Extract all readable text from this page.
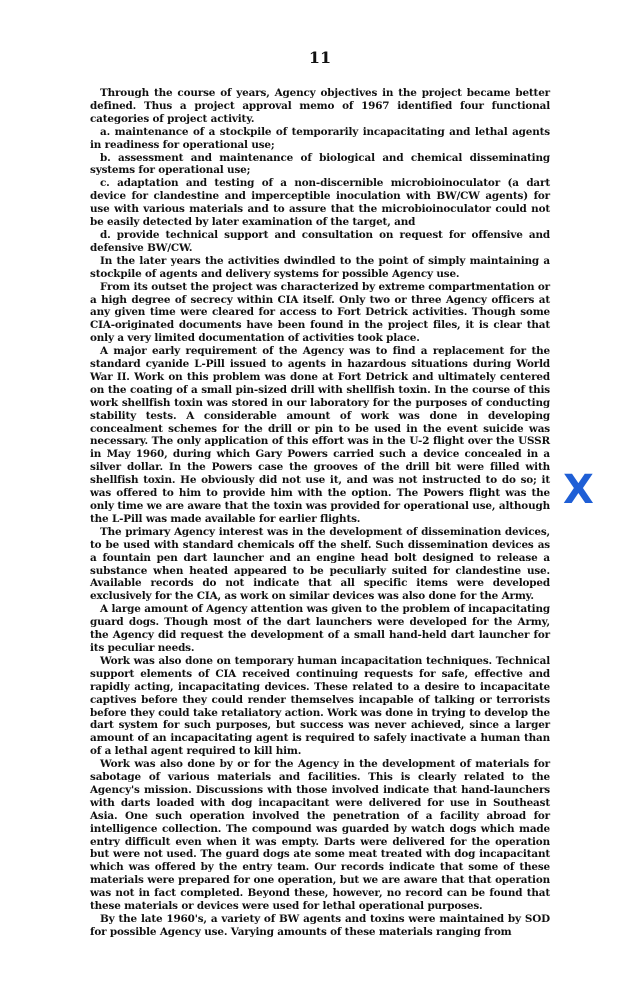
11

Through the course of years, Agency objectives in the project became better defined. Thus a project approval memo of 1967 identified four functional categories of project activity.

a. maintenance of a stockpile of temporarily incapacitating and lethal agents in readiness for operational use;

b. assessment and maintenance of biological and chemical disseminating systems for operational use;

c. adaptation and testing of a non-discernible microbioinoculator (a dart device for clandestine and imperceptible inoculation with BW/CW agents) for use with various materials and to assure that the microbioinoculator could not be easily detected by later examination of the target, and

d. provide technical support and consultation on request for offensive and defensive BW/CW.

In the later years the activities dwindled to the point of simply maintaining a stockpile of agents and delivery systems for possible Agency use.

From its outset the project was characterized by extreme compartmentation or a high degree of secrecy within CIA itself. Only two or three Agency officers at any given time were cleared for access to Fort Detrick activities. Though some CIA-originated documents have been found in the project files, it is clear that only a very limited documentation of activities took place.

A major early requirement of the Agency was to find a replacement for the standard cyanide L-Pill issued to agents in hazardous situations during World War II. Work on this problem was done at Fort Detrick and ultimately centered on the coating of a small pin-sized drill with shellfish toxin. In the course of this work shellfish toxin was stored in our laboratory for the purposes of conducting stability tests. A considerable amount of work was done in developing concealment schemes for the drill or pin to be used in the event suicide was necessary. The only application of this effort was in the U-2 flight over the USSR in May 1960, during which Gary Powers carried such a device concealed in a silver dollar. In the Powers case the grooves of the drill bit were filled with shellfish toxin. He obviously did not use it, and was not instructed to do so; it was offered to him to provide him with the option. The Powers flight was the only time we are aware that the toxin was provided for operational use, although the L-Pill was made available for earlier flights.

The primary Agency interest was in the development of dissemination devices, to be used with standard chemicals off the shelf. Such dissemination devices as a fountain pen dart launcher and an engine head bolt designed to release a substance when heated appeared to be peculiarly suited for clandestine use. Available records do not indicate that all specific items were developed exclusively for the CIA, as work on similar devices was also done for the Army.

A large amount of Agency attention was given to the problem of incapacitating guard dogs. Though most of the dart launchers were developed for the Army, the Agency did request the development of a small hand-held dart launcher for its peculiar needs.

Work was also done on temporary human incapacitation techniques. Technical support elements of CIA received continuing requests for safe, effective and rapidly acting, incapacitating devices. These related to a desire to incapacitate captives before they could render themselves incapable of talking or terrorists before they could take retaliatory action. Work was done in trying to develop the dart system for such purposes, but success was never achieved, since a larger amount of an incapacitating agent is required to safely inactivate a human than of a lethal agent required to kill him.

Work was also done by or for the Agency in the development of materials for sabotage of various materials and facilities. This is clearly related to the Agency's mission. Discussions with those involved indicate that hand-launchers with darts loaded with dog incapacitant were delivered for use in Southeast Asia. One such operation involved the penetration of a facility abroad for intelligence collection. The compound was guarded by watch dogs which made entry difficult even when it was empty. Darts were delivered for the operation but were not used. The guard dogs ate some meat treated with dog incapacitant which was offered by the entry team. Our records indicate that some of these materials were prepared for one operation, but we are aware that that operation was not in fact completed. Beyond these, however, no record can be found that these materials or devices were used for lethal operational purposes.

By the late 1960's, a variety of BW agents and toxins were maintained by SOD for possible Agency use. Varying amounts of these materials ranging from

X
